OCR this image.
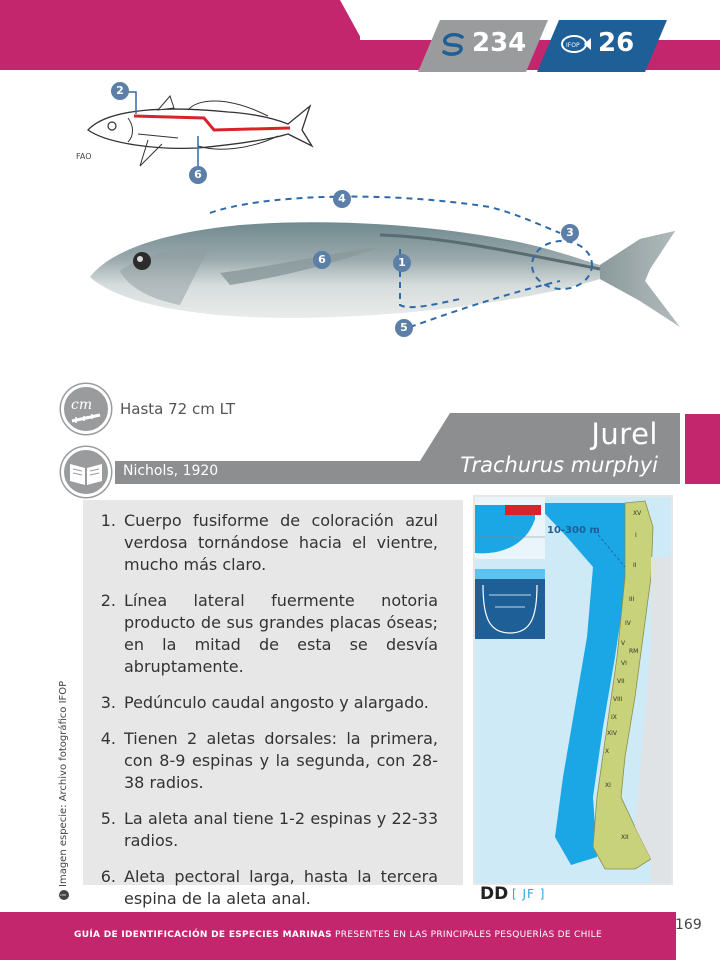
234	IFOP 26
2
6
FAO
4
3
6	1
5
cm Hasta 72 cm LT
Nichols, 1920
Jurel
Trachurus murphyi
1. Cuerpo fusiforme de coloración azul verdosa tornándose hacia el vientre, mucho más claro.
2. Línea lateral fuermente notoria producto de sus grandes placas óseas; en la mitad de esta se desvía abruptamente.
3. Pedúnculo caudal angosto y alargado.
4. Tienen 2 aletas dorsales: la primera, con 8-9 espinas y la segunda, con 28-38 radios.
5. La aleta anal tiene 1-2 espinas y 22-33 radios.
6. Aleta pectoral larga, hasta la tercera espina de la aleta anal.
10-300 m
XV
I
II
III
IV
V
RM
VI
VII
VIII
IX
XIV
X
XI
XII
DD [ JF ]
iImagen especie: Archivo fotográfico IFOP
GUÍA DE IDENTIFICACIÓN DE ESPECIES MARINAS PRESENTES EN LAS PRINCIPALES PESQUERÍAS DE CHILE
169
